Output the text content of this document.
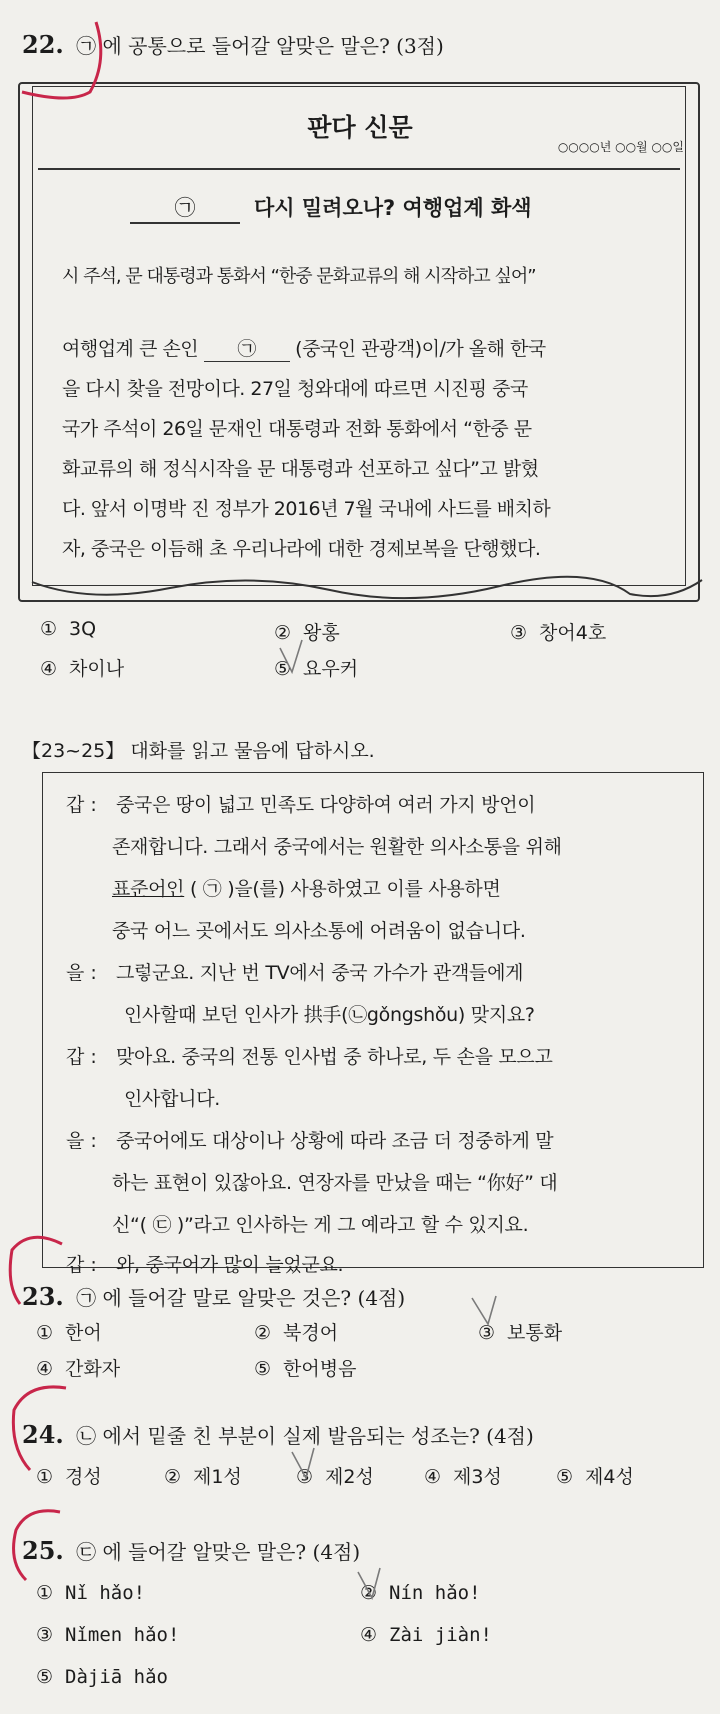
22. ㉠ 에 공통으로 들어갈 알맞은 말은? (3점)
판다 신문
○○○○년 ○○월 ○○일
㉠	다시 밀려오나? 여행업계 화색
시 주석, 문 대통령과 통화서 “한중 문화교류의 해 시작하고 싶어”
여행업계 큰 손인 ㉠ (중국인 관광객)이/가 올해 한국
을 다시 찾을 전망이다. 27일 청와대에 따르면 시진핑 중국
국가 주석이 26일 문재인 대통령과 전화 통화에서 “한중 문
화교류의 해 정식시작을 문 대통령과 선포하고 싶다”고 밝혔
다. 앞서 이명박 진 정부가 2016년 7월 국내에 사드를 배치하
자, 중국은 이듬해 초 우리나라에 대한 경제보복을 단행했다.
① 3Q	② 왕홍	③ 창어4호
④ 차이나	⑤ 요우커
【23~25】 대화를 읽고 물음에 답하시오.
갑 : 중국은 땅이 넓고 민족도 다양하여 여러 가지 방언이
존재합니다. 그래서 중국에서는 원활한 의사소통을 위해
표준어인 ( ㉠ )을(를) 사용하였고 이를 사용하면
중국 어느 곳에서도 의사소통에 어려움이 없습니다.
을 : 그렇군요. 지난 번 TV에서 중국 가수가 관객들에게
인사할때 보던 인사가 拱手(㉡gǒngshǒu) 맞지요?
갑 : 맞아요. 중국의 전통 인사법 중 하나로, 두 손을 모으고
인사합니다.
을 : 중국어에도 대상이나 상황에 따라 조금 더 정중하게 말
하는 표현이 있잖아요. 연장자를 만났을 때는 “你好” 대
신“( ㉢ )”라고 인사하는 게 그 예라고 할 수 있지요.
갑 : 와, 중국어가 많이 늘었군요.
23. ㉠ 에 들어갈 말로 알맞은 것은? (4점)
① 한어	② 북경어	③ 보통화
④ 간화자	⑤ 한어병음
24. ㉡ 에서 밑줄 친 부분이 실제 발음되는 성조는? (4점)
① 경성	② 제1성	③ 제2성	④ 제3성	⑤ 제4성
25. ㉢ 에 들어갈 알맞은 말은? (4점)
① Nǐ hǎo!	② Nín hǎo!
③ Nǐmen hǎo!	④ Zài jiàn!
⑤ Dàjiā hǎo
